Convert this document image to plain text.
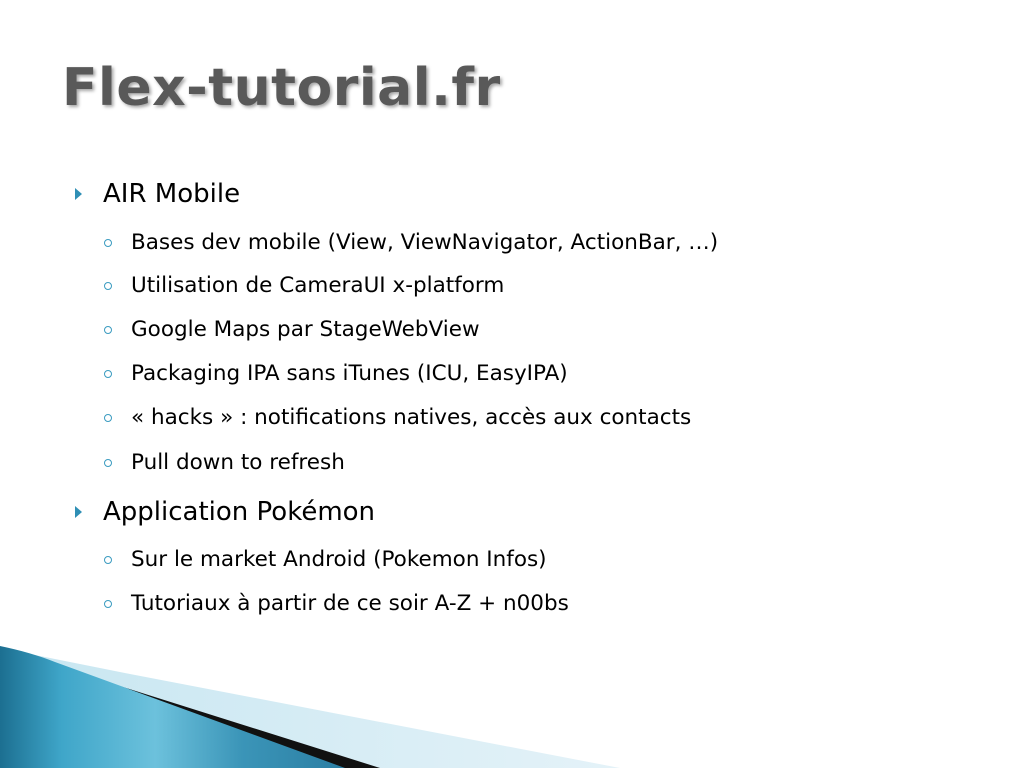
Flex-tutorial.fr
AIR Mobile
Bases dev mobile (View, ViewNavigator, ActionBar, …)
Utilisation de CameraUI x-platform
Google Maps par StageWebView
Packaging IPA sans iTunes (ICU, EasyIPA)
« hacks » : notifications natives, accès aux contacts
Pull down to refresh
Application Pokémon
Sur le market Android (Pokemon Infos)
Tutoriaux à partir de ce soir A-Z + n00bs
